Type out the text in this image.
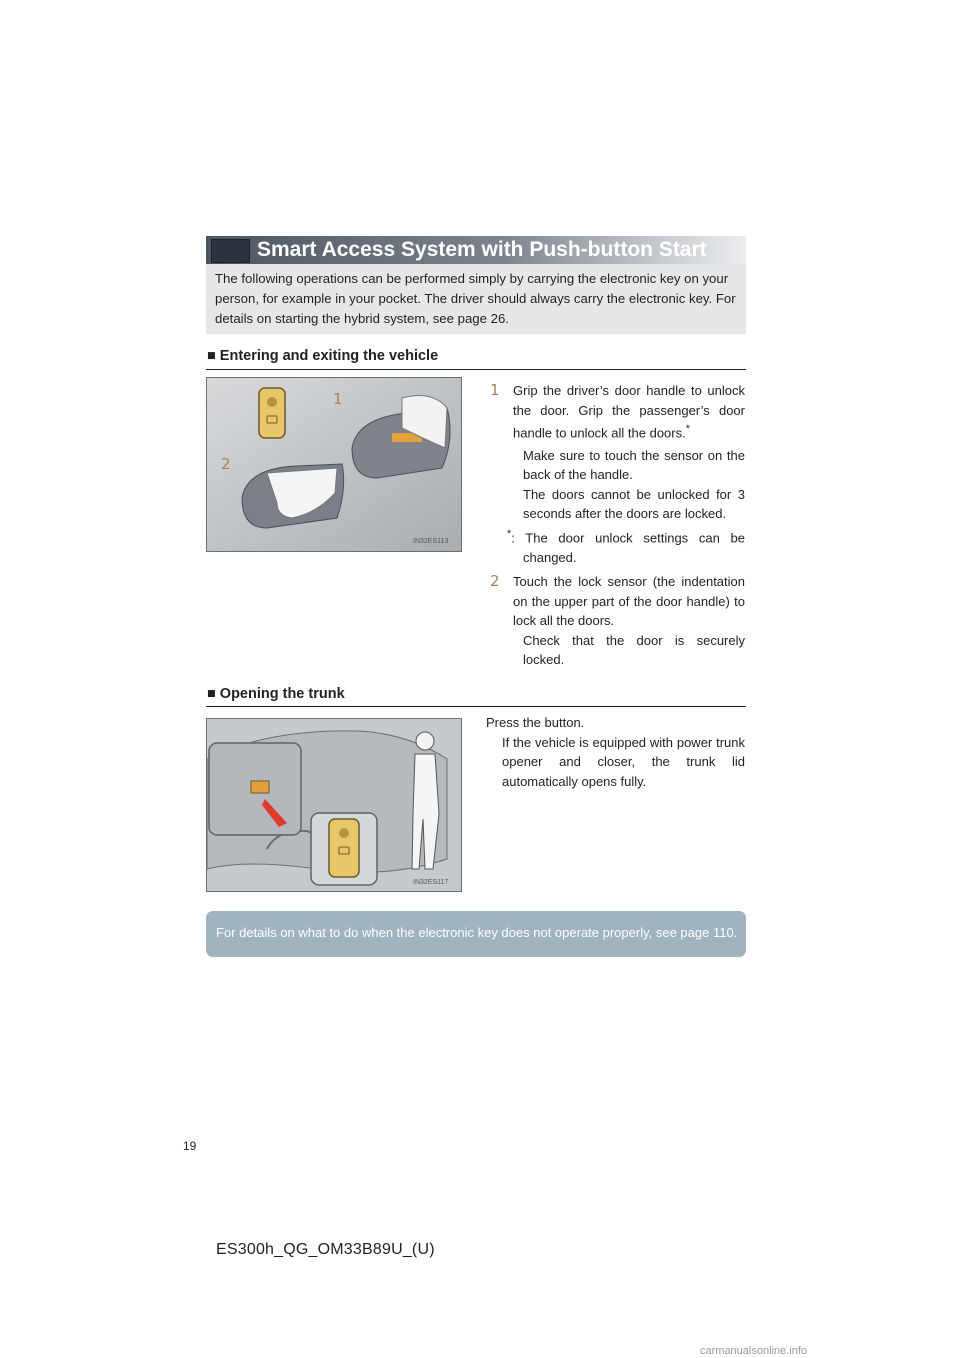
Smart Access System with Push-button Start
The following operations can be performed simply by carrying the electronic key on your person, for example in your pocket. The driver should always carry the electronic key. For details on starting the hybrid system, see page 26.
■ Entering and exiting the vehicle
1
2
IN32ES113
1 Grip the driver’s door handle to unlock the door. Grip the passenger’s door handle to unlock all the doors.*
Make sure to touch the sensor on the back of the handle.
The doors cannot be unlocked for 3 seconds after the doors are locked.
*: The door unlock settings can be changed.
2 Touch the lock sensor (the indentation on the upper part of the door handle) to lock all the doors.
Check that the door is securely locked.
■ Opening the trunk
IN32ES117
Press the button.
If the vehicle is equipped with power trunk opener and closer, the trunk lid automatically opens fully.
For details on what to do when the electronic key does not operate properly, see page 110.
19
ES300h_QG_OM33B89U_(U)
carmanualsonline.info
